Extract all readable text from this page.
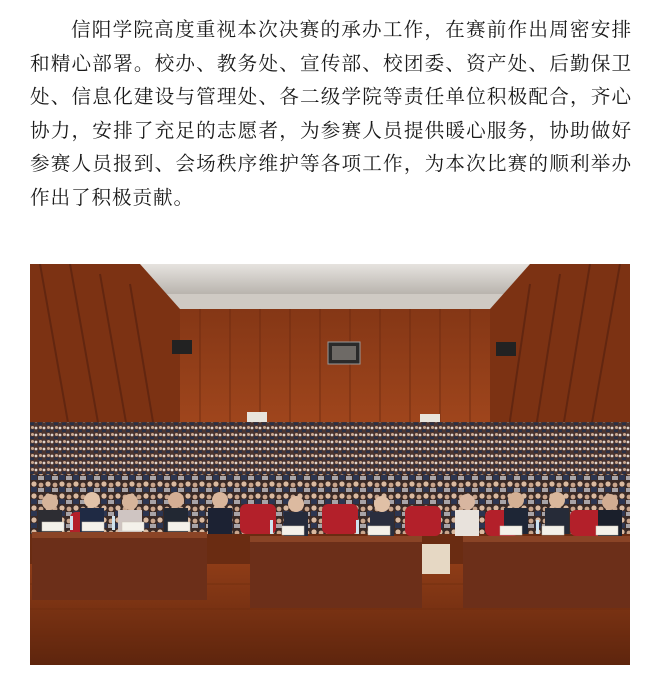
信阳学院高度重视本次决赛的承办工作，在赛前作出周密安排和精心部署。校办、教务处、宣传部、校团委、资产处、后勤保卫处、信息化建设与管理处、各二级学院等责任单位积极配合，齐心协力，安排了充足的志愿者，为参赛人员提供暖心服务，协助做好参赛人员报到、会场秩序维护等各项工作，为本次比赛的顺利举办作出了积极贡献。
